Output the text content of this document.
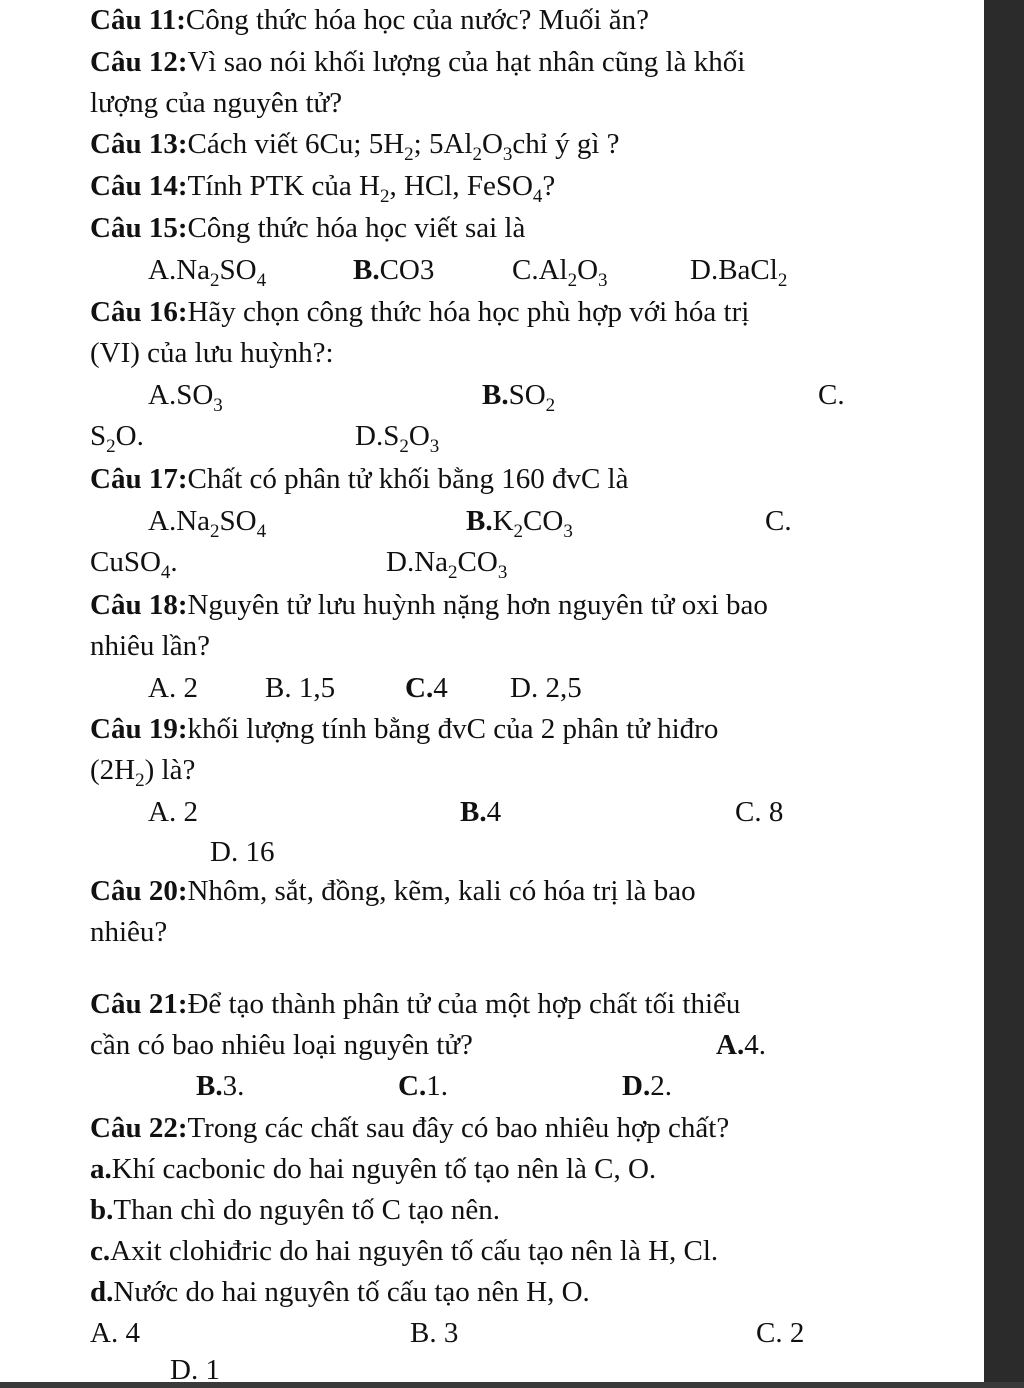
Câu 11:Công thức hóa học của nước? Muối ăn?
Câu 12:Vì sao nói khối lượng của hạt nhân cũng là khối
lượng của nguyên tử?
Câu 13:Cách viết 6Cu; $5H_2$; $5Al_2O_3chỉ$ ý gì ?
Câu 14:Tính PTK của $H_2$, HCl, FeSO$_4$?
Câu 15:Công thức hóa học viết sai là
$A.Na_2SO_4$	B.CO3	$C.Al_2O_3$	D.BaCl$_2$
Câu 16:Hãy chọn công thức hóa học phù hợp với hóa trị
(VI) của lưu huỳnh?:
$A.SO_3$	$B.SO_2$	C.
$S_2O$.	$D.S_2O_3$
Câu 17:Chất có phân tử khối bằng 160 đvC là
$A.Na_2SO_4$	$B.K_2CO_3$	C.
CuSO$_4$.	$D.Na_2CO_3$
Câu 18:Nguyên tử lưu huỳnh nặng hơn nguyên tử oxi bao
nhiêu lần?
A. 2 B. 1,5 C.4 D. 2,5
Câu 19:khối lượng tính bằng đvC của 2 phân tử hiđro
$(2H_2)$ là?
A. 2	B.4	C. 8
D. 16
Câu 20:Nhôm, sắt, đồng, kẽm, kali có hóa trị là bao
nhiêu?
Câu 21:Để tạo thành phân tử của một hợp chất tối thiểu
cần có bao nhiêu loại nguyên tử?	A.4.
B.3.	C.1.	D.2.
Câu 22:Trong các chất sau đây có bao nhiêu hợp chất?
a.Khí cacbonic do hai nguyên tố tạo nên là C, O.
b.Than chì do nguyên tố C tạo nên.
c.Axit clohiđric do hai nguyên tố cấu tạo nên là H, Cl.
d.Nước do hai nguyên tố cấu tạo nên H, O.
A. 4	B. 3	C. 2
D. 1
